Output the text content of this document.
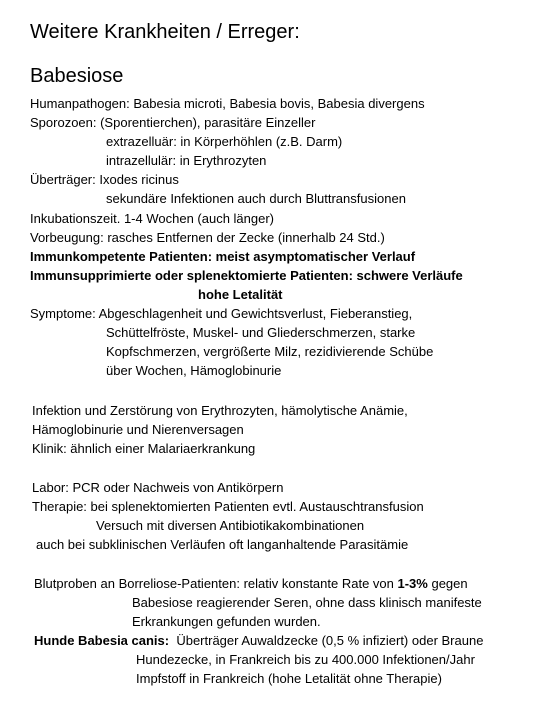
Weitere Krankheiten / Erreger:
Babesiose
Humanpathogen: Babesia microti, Babesia bovis, Babesia divergens
Sporozoen: (Sporentierchen), parasitäre Einzeller
extrazelluär: in Körperhöhlen (z.B. Darm)
intrazellulär: in Erythrozyten
Überträger: Ixodes ricinus
sekundäre Infektionen auch durch Bluttransfusionen
Inkubationszeit. 1-4 Wochen (auch länger)
Vorbeugung: rasches Entfernen der Zecke (innerhalb 24 Std.)
Immunkompetente Patienten: meist asymptomatischer Verlauf
Immunsupprimierte oder splenektomierte Patienten: schwere Verläufe
hohe Letalität
Symptome: Abgeschlagenheit und Gewichtsverlust, Fieberanstieg,
Schüttelfröste, Muskel- und Gliederschmerzen, starke
Kopfschmerzen, vergrößerte Milz, rezidivierende Schübe
über Wochen, Hämoglobinurie
Infektion und Zerstörung von Erythrozyten, hämolytische Anämie,
Hämoglobinurie und Nierenversagen
Klinik: ähnlich einer Malariaerkrankung
Labor: PCR oder Nachweis von Antikörpern
Therapie: bei splenektomierten Patienten evtl. Austauschtransfusion
Versuch mit diversen Antibiotikakombinationen
auch bei subklinischen Verläufen oft langanhaltende Parasitämie
Blutproben an Borreliose-Patienten: relativ konstante Rate von 1-3% gegen
Babesiose reagierender Seren, ohne dass klinisch manifeste
Erkrankungen gefunden wurden.
Hunde Babesia canis:  Überträger Auwaldzecke (0,5 % infiziert) oder Braune
Hundezecke, in Frankreich bis zu 400.000 Infektionen/Jahr
Impfstoff in Frankreich (hohe Letalität ohne Therapie)
